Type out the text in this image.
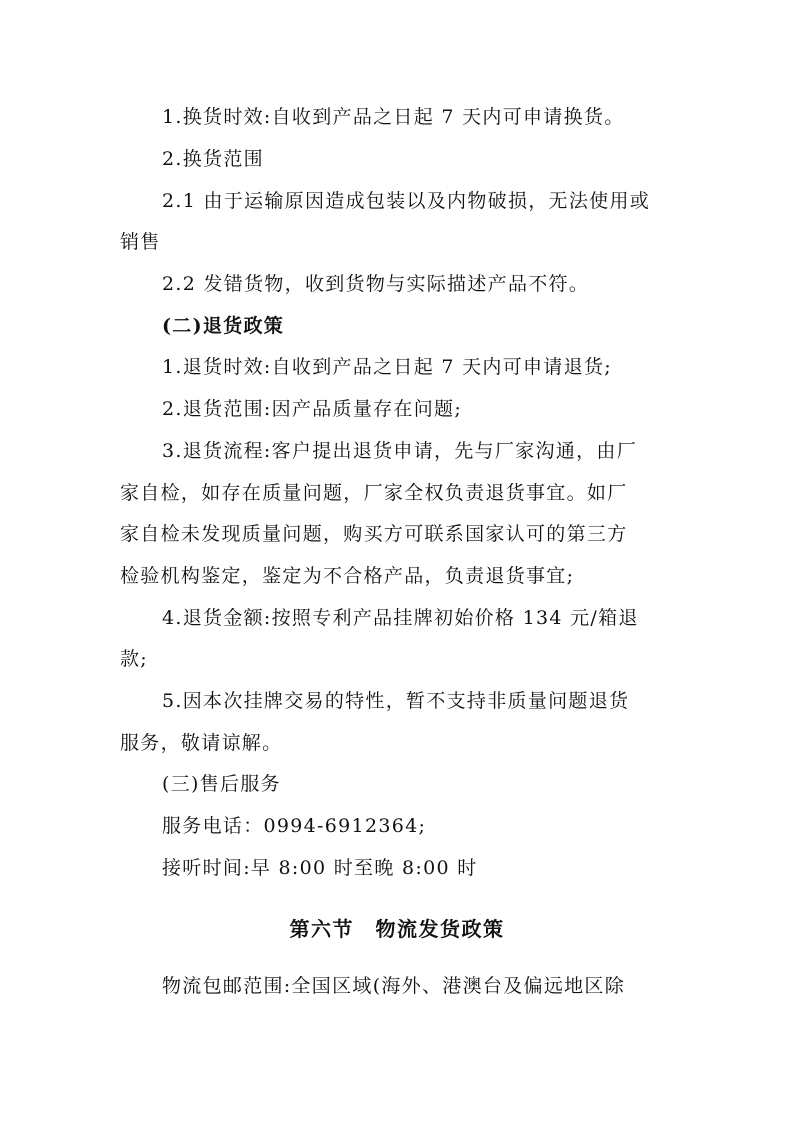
1.换货时效:自收到产品之日起 7 天内可申请换货。
2.换货范围
2.1 由于运输原因造成包装以及内物破损，无法使用或
销售
2.2 发错货物，收到货物与实际描述产品不符。
(二)退货政策
1.退货时效:自收到产品之日起 7 天内可申请退货;
2.退货范围:因产品质量存在问题;
3.退货流程:客户提出退货申请，先与厂家沟通，由厂
家自检，如存在质量问题，厂家全权负责退货事宜。如厂
家自检未发现质量问题，购买方可联系国家认可的第三方
检验机构鉴定，鉴定为不合格产品，负责退货事宜;
4.退货金额:按照专利产品挂牌初始价格 134 元/箱退
款;
5.因本次挂牌交易的特性，暂不支持非质量问题退货
服务，敬请谅解。
(三)售后服务
服务电话：0994-6912364;
接听时间:早 8:00 时至晚 8:00 时
第六节　物流发货政策
物流包邮范围:全国区域(海外、港澳台及偏远地区除
